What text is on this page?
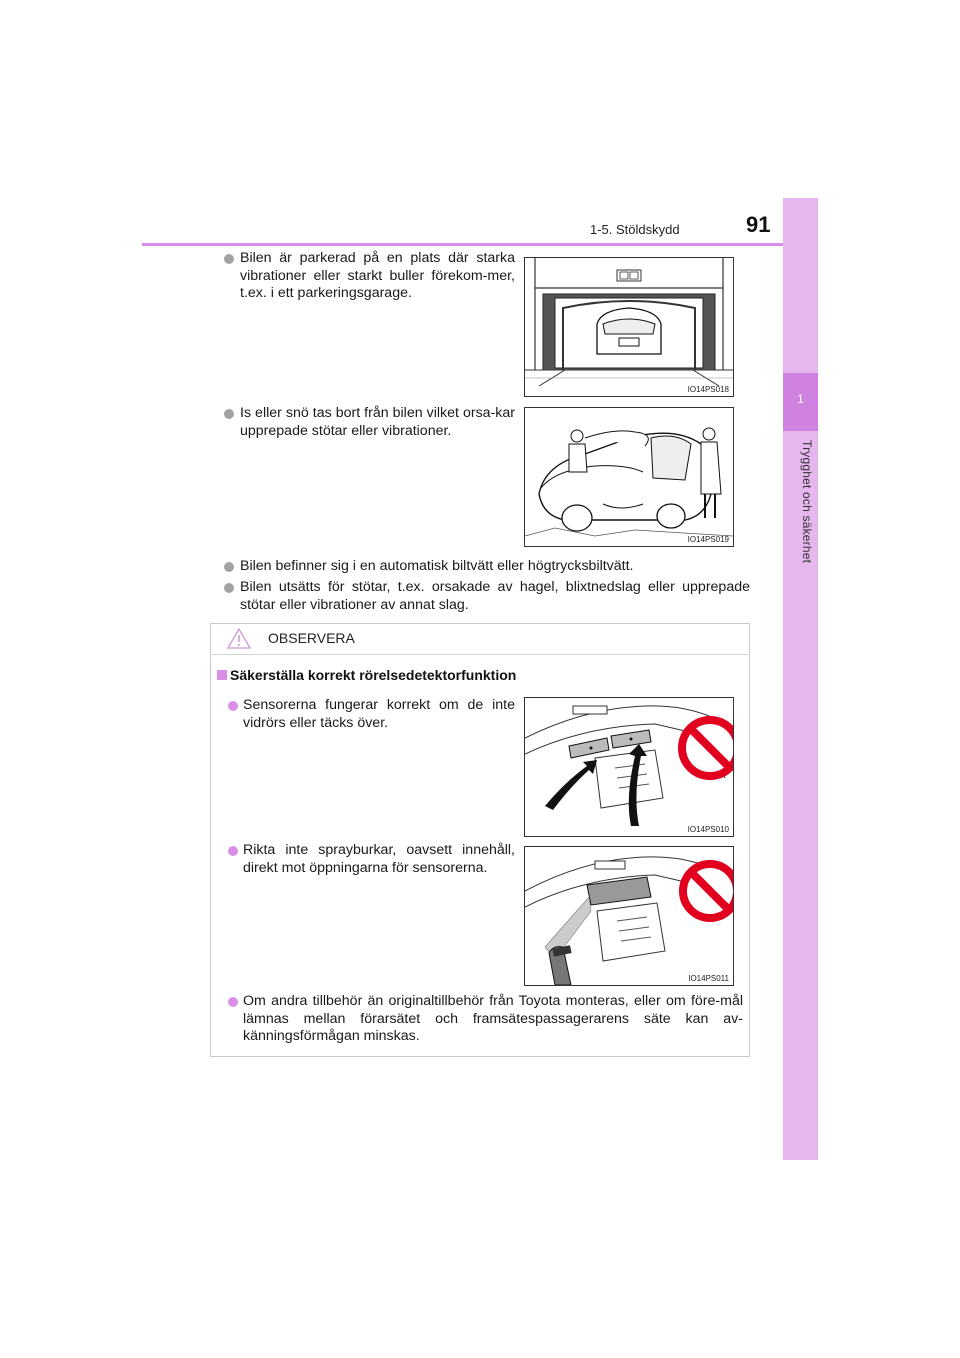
1-5. Stöldskydd	91
1
Trygghet och säkerhet
Bilen är parkerad på en plats där starka vibrationer eller starkt buller förekom-mer, t.ex. i ett parkeringsgarage.
IO14PS018
Is eller snö tas bort från bilen vilket orsa-kar upprepade stötar eller vibrationer.
IO14PS019
Bilen befinner sig i en automatisk biltvätt eller högtrycksbiltvätt.
Bilen utsätts för stötar, t.ex. orsakade av hagel, blixtnedslag eller upprepade stötar eller vibrationer av annat slag.
OBSERVERA
Säkerställa korrekt rörelsedetektorfunktion
Sensorerna fungerar korrekt om de inte vidrörs eller täcks över.
IO14PS010
Rikta inte sprayburkar, oavsett innehåll, direkt mot öppningarna för sensorerna.
IO14PS011
Om andra tillbehör än originaltillbehör från Toyota monteras, eller om före-mål lämnas mellan förarsätet och framsätespassagerarens säte kan av-känningsförmågan minskas.
